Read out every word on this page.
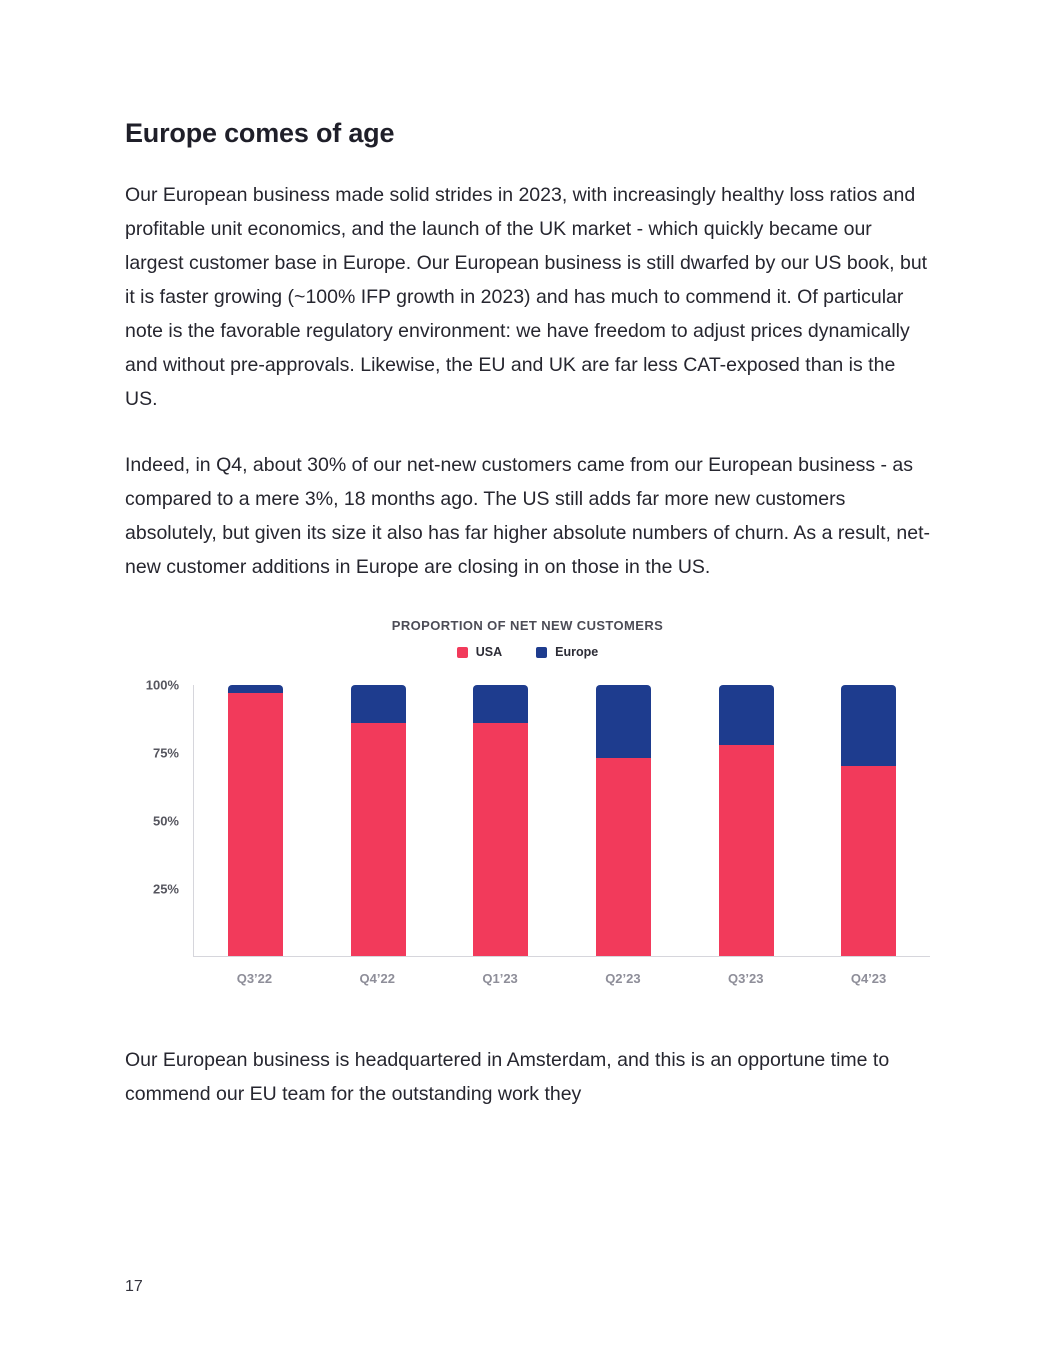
Europe comes of age

Our European business made solid strides in 2023, with increasingly healthy loss ratios and profitable unit economics, and the launch of the UK market - which quickly became our largest customer base in Europe. Our European business is still dwarfed by our US book, but it is faster growing (~100% IFP growth in 2023) and has much to commend it. Of particular note is the favorable regulatory environment: we have freedom to adjust prices dynamically and without pre-approvals. Likewise, the EU and UK are far less CAT-exposed than is the US.

Indeed, in Q4, about 30% of our net-new customers came from our European business - as compared to a mere 3%, 18 months ago. The US still adds far more new customers absolutely, but given its size it also has far higher absolute numbers of churn. As a result, net-new customer additions in Europe are closing in on those in the US.

PROPORTION OF NET NEW CUSTOMERS
USA	Europe
25%
50%
75%
100%
Q3’22	Q4’22	Q1’23	Q2’23	Q3’23	Q4’23

Our European business is headquartered in Amsterdam, and this is an opportune time to commend our EU team for the outstanding work they

17
